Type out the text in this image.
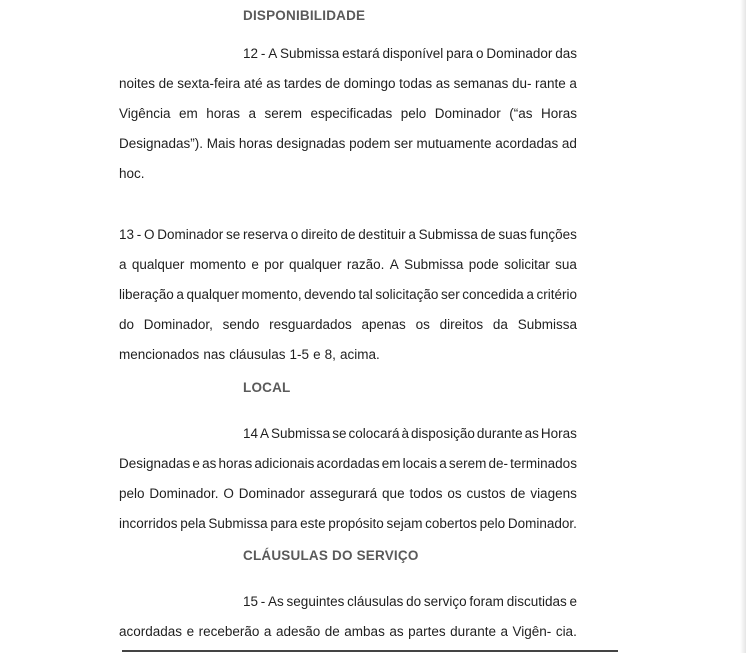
DISPONIBILIDADE
12 - A Submissa estará disponível para o Dominador das
noites de sexta-feira até as tardes de domingo todas as semanas du- rante a
Vigência em horas a serem especificadas pelo Dominador (“as Horas
Designadas”). Mais horas designadas podem ser mutuamente acordadas ad
hoc.
13 - O Dominador se reserva o direito de destituir a Submissa de suas funções
a qualquer momento e por qualquer razão. A Submissa pode solicitar sua
liberação a qualquer momento, devendo tal solicitação ser concedida a critério
do Dominador, sendo resguardados apenas os direitos da Submissa
mencionados nas cláusulas 1-5 e 8, acima.
LOCAL
14 A Submissa se colocará à disposição durante as Horas
Designadas e as horas adicionais acordadas em locais a serem de- terminados
pelo Dominador. O Dominador assegurará que todos os custos de viagens
incorridos pela Submissa para este propósito sejam cobertos pelo Dominador.
CLÁUSULAS DO SERVIÇO
15 - As seguintes cláusulas do serviço foram discutidas e
acordadas e receberão a adesão de ambas as partes durante a Vigên- cia.
